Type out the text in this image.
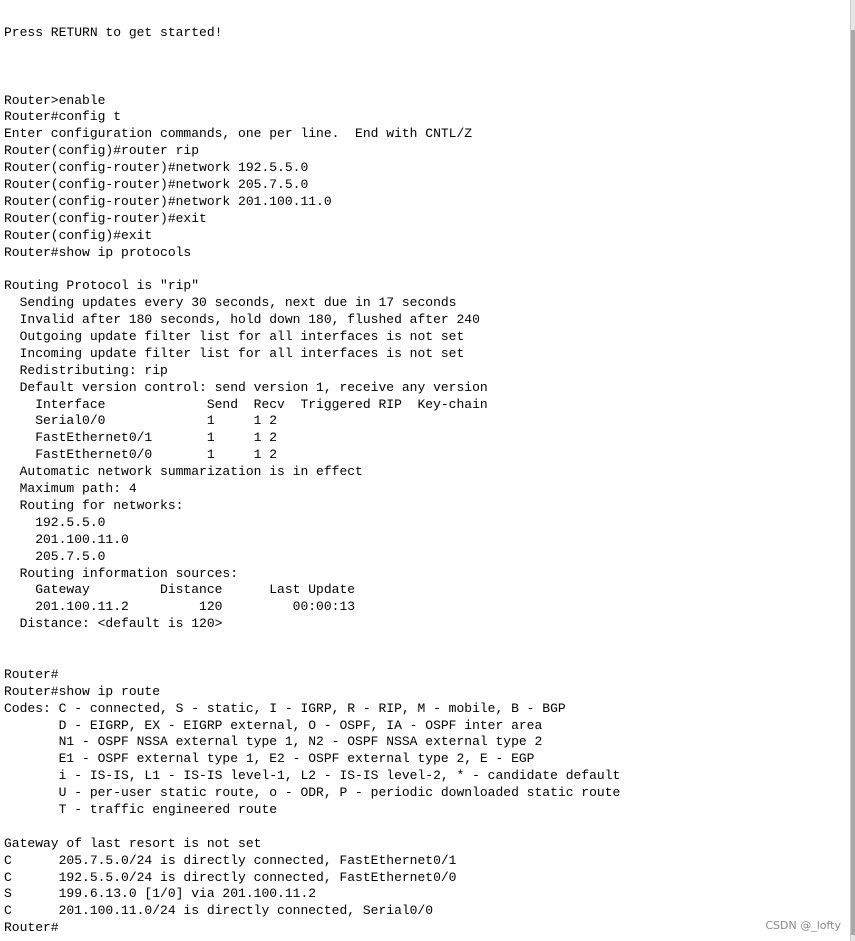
Press RETURN to get started!
Router>enable
Router#config t
Enter configuration commands, one per line.  End with CNTL/Z
Router(config)#router rip
Router(config-router)#network 192.5.5.0
Router(config-router)#network 205.7.5.0
Router(config-router)#network 201.100.11.0
Router(config-router)#exit
Router(config)#exit
Router#show ip protocols
Routing Protocol is "rip"
Sending updates every 30 seconds, next due in 17 seconds
Invalid after 180 seconds, hold down 180, flushed after 240
Outgoing update filter list for all interfaces is not set
Incoming update filter list for all interfaces is not set
Redistributing: rip
Default version control: send version 1, receive any version
Interface             Send  Recv  Triggered RIP  Key-chain
Serial0/0             1     1 2
FastEthernet0/1       1     1 2
FastEthernet0/0       1     1 2
Automatic network summarization is in effect
Maximum path: 4
Routing for networks:
192.5.5.0
201.100.11.0
205.7.5.0
Routing information sources:
Gateway         Distance      Last Update
201.100.11.2         120         00:00:13
Distance: <default is 120>
Router#
Router#show ip route
Codes: C - connected, S - static, I - IGRP, R - RIP, M - mobile, B - BGP
D - EIGRP, EX - EIGRP external, O - OSPF, IA - OSPF inter area
N1 - OSPF NSSA external type 1, N2 - OSPF NSSA external type 2
E1 - OSPF external type 1, E2 - OSPF external type 2, E - EGP
i - IS-IS, L1 - IS-IS level-1, L2 - IS-IS level-2, * - candidate default
U - per-user static route, o - ODR, P - periodic downloaded static route
T - traffic engineered route
Gateway of last resort is not set
C      205.7.5.0/24 is directly connected, FastEthernet0/1
C      192.5.5.0/24 is directly connected, FastEthernet0/0
S      199.6.13.0 [1/0] via 201.100.11.2
C      201.100.11.0/24 is directly connected, Serial0/0
Router#	CSDN @_lofty
